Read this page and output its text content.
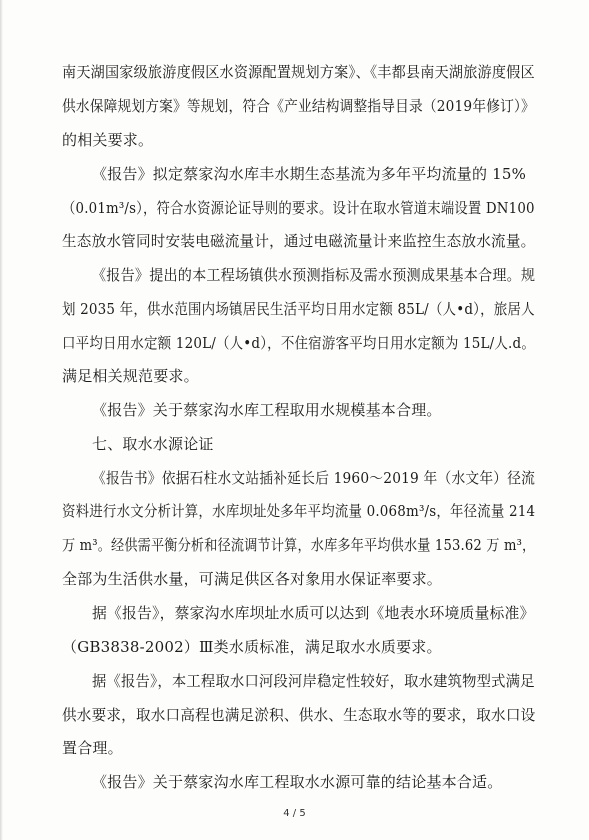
南天湖国家级旅游度假区水资源配置规划方案》、《丰都县南天湖旅游度假区
供水保障规划方案》等规划，符合《产业结构调整指导目录（2019年修订）》
的相关要求。
《报告》拟定蔡家沟水库丰水期生态基流为多年平均流量的 15%
（0.01m³/s），符合水资源论证导则的要求。设计在取水管道末端设置 DN100
生态放水管同时安装电磁流量计，通过电磁流量计来监控生态放水流量。
《报告》提出的本工程场镇供水预测指标及需水预测成果基本合理。规
划 2035 年，供水范围内场镇居民生活平均日用水定额 85L/（人•d），旅居人
口平均日用水定额 120L/（人•d），不住宿游客平均日用水定额为 15L/人.d。
满足相关规范要求。
《报告》关于蔡家沟水库工程取用水规模基本合理。
七、取水水源论证
《报告书》依据石柱水文站插补延长后 1960～2019 年（水文年）径流
资料进行水文分析计算，水库坝址处多年平均流量 0.068m³/s，年径流量 214
万 m³。经供需平衡分析和径流调节计算，水库多年平均供水量 153.62 万 m³，
全部为生活供水量，可满足供区各对象用水保证率要求。
据《报告》，蔡家沟水库坝址水质可以达到《地表水环境质量标准》
（GB3838-2002）Ⅲ类水质标准，满足取水水质要求。
据《报告》，本工程取水口河段河岸稳定性较好，取水建筑物型式满足
供水要求，取水口高程也满足淤积、供水、生态取水等的要求，取水口设
置合理。
《报告》关于蔡家沟水库工程取水水源可靠的结论基本合适。
4 / 5
